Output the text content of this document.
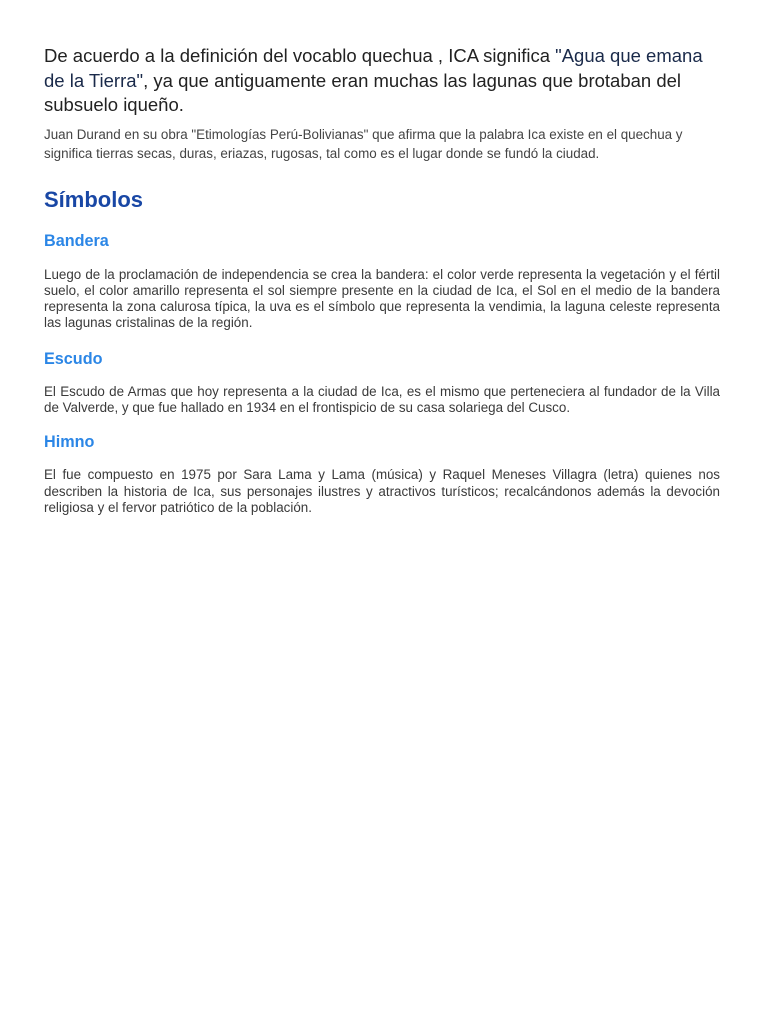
De acuerdo a la definición del vocablo quechua , ICA significa "Agua que emana de la Tierra", ya que antiguamente eran muchas las lagunas que brotaban del subsuelo iqueño.

Juan Durand en su obra "Etimologías Perú-Bolivianas" que afirma que la palabra Ica existe en el quechua y significa tierras secas, duras, eriazas, rugosas, tal como es el lugar donde se fundó la ciudad.

Símbolos
Bandera

Luego de la proclamación de independencia se crea la bandera: el color verde representa la vegetación y el fértil suelo, el color amarillo representa el sol siempre presente en la ciudad de Ica, el Sol en el medio de la bandera representa la zona calurosa típica, la uva es el símbolo que representa la vendimia, la laguna celeste representa las lagunas cristalinas de la región.

Escudo

El Escudo de Armas que hoy representa a la ciudad de Ica, es el mismo que perteneciera al fundador de la Villa de Valverde, y que fue hallado en 1934 en el frontispicio de su casa solariega del Cusco.

Himno

El fue compuesto en 1975 por Sara Lama y Lama (música) y Raquel Meneses Villagra (letra) quienes nos describen la historia de Ica, sus personajes ilustres y atractivos turísticos; recalcándonos además la devoción religiosa y el fervor patriótico de la población.
